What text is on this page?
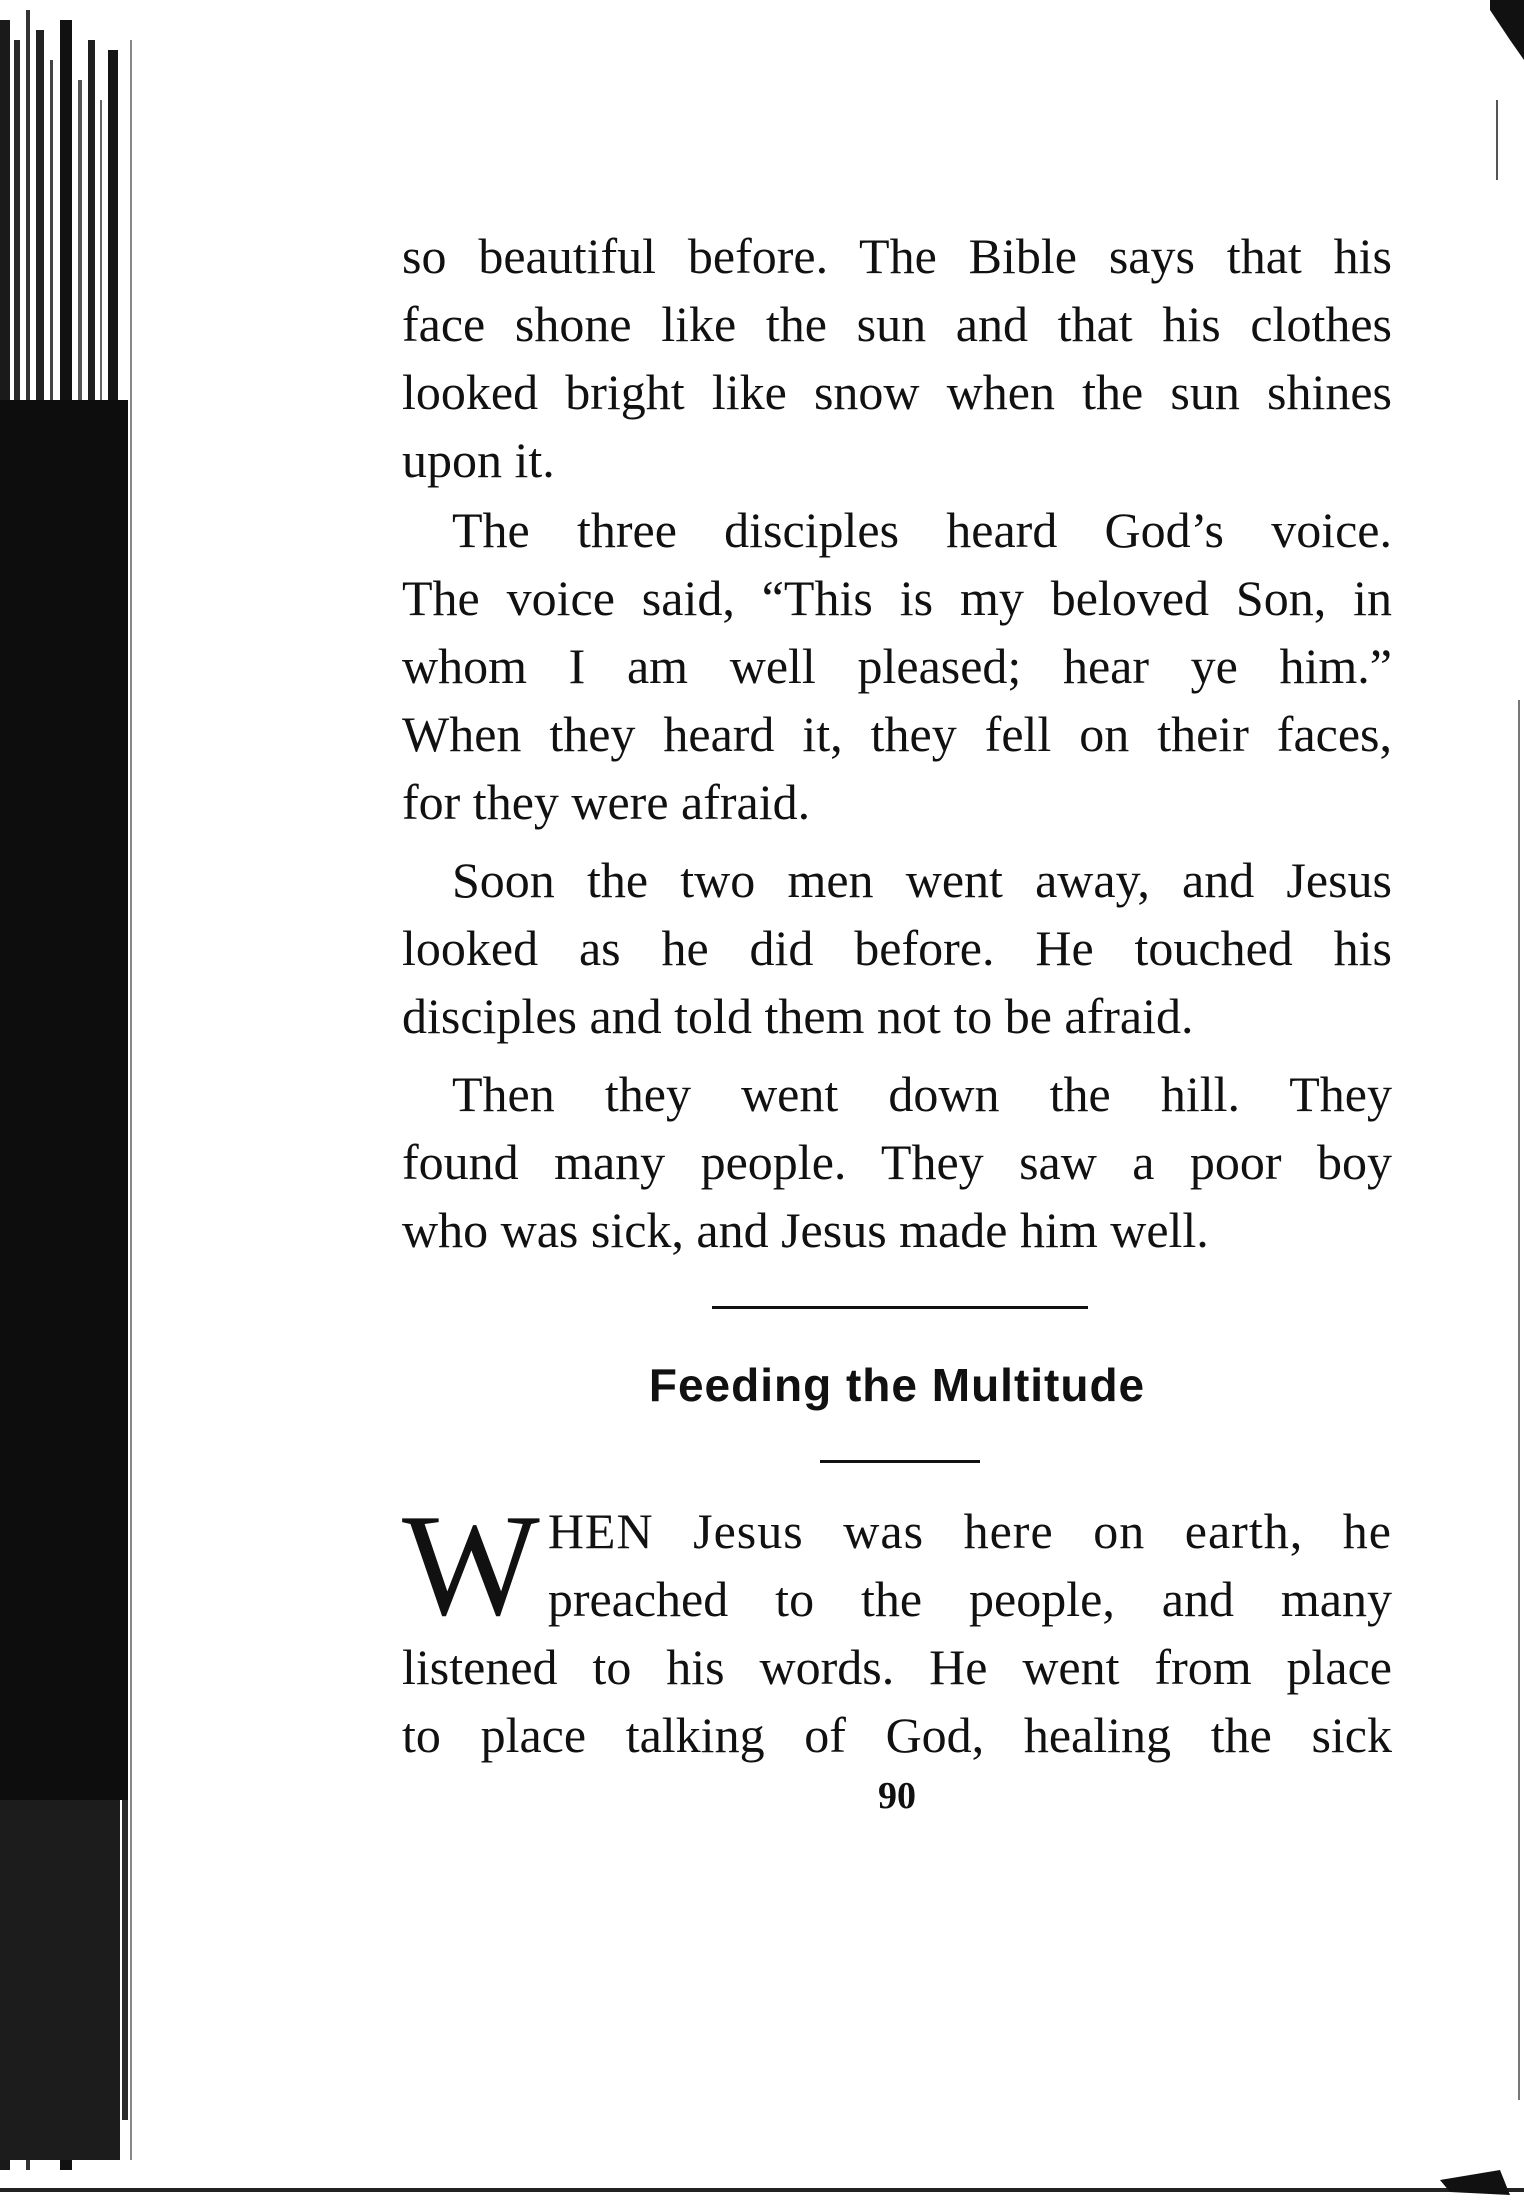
so beautiful before. The Bible says that his
face shone like the sun and that his clothes
looked bright like snow when the sun shines
upon it.

The three disciples heard God’s voice.
The voice said, “This is my beloved Son, in
whom I am well pleased; hear ye him.”
When they heard it, they fell on their faces,
for they were afraid.

Soon the two men went away, and Jesus
looked as he did before. He touched his
disciples and told them not to be afraid.

Then they went down the hill. They
found many people. They saw a poor boy
who was sick, and Jesus made him well.

Feeding the Multitude
W HEN Jesus was here on earth, he
preached to the people, and many
listened to his words. He went from place
to place talking of God, healing the sick
90
